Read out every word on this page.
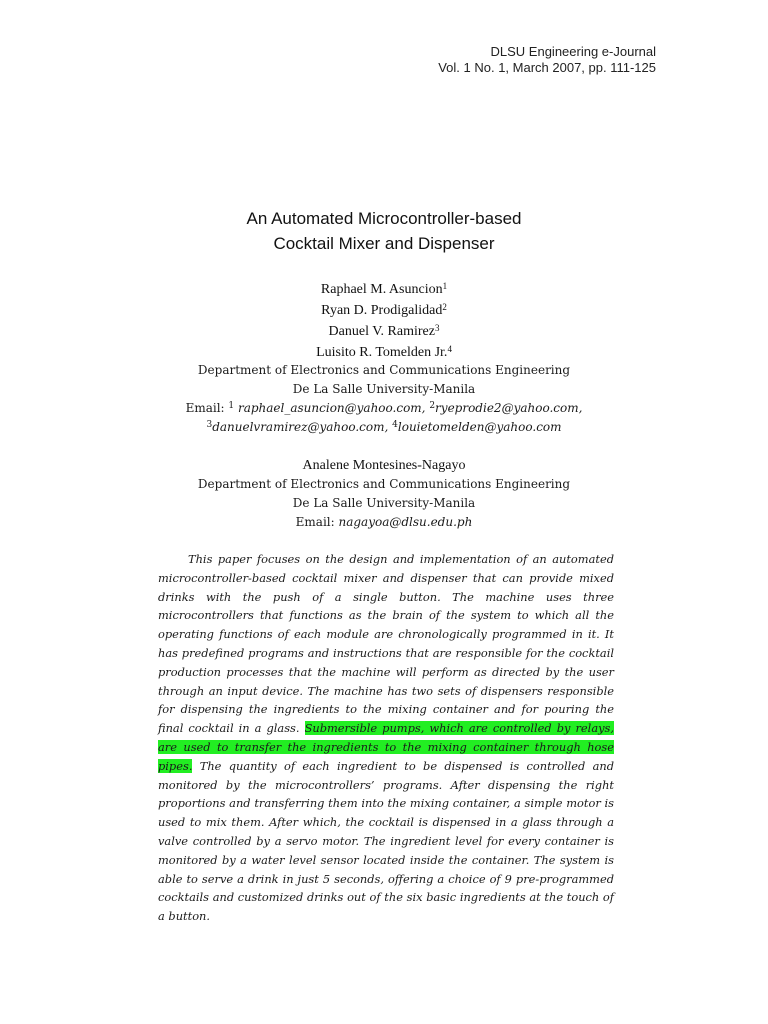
DLSU Engineering e-Journal
Vol. 1 No. 1, March 2007, pp. 111-125
An Automated Microcontroller-based
Cocktail Mixer and Dispenser
Raphael M. Asuncion$^1$
Ryan D. Prodigalidad$^2$
Danuel V. Ramirez$^3$
Luisito R. Tomelden Jr.$^4$
Department of Electronics and Communications Engineering
De La Salle University-Manila
Email: $^1$ raphael_asuncion@yahoo.com, $^2$ryeprodie2@yahoo.com,
$^3$danuelvramirez@yahoo.com, $^4$louietomelden@yahoo.com
Analene Montesines-Nagayo
Department of Electronics and Communications Engineering
De La Salle University-Manila
Email: nagayoa@dlsu.edu.ph

This paper focuses on the design and implementation of an automated microcontroller-based cocktail mixer and dispenser that can provide mixed drinks with the push of a single button. The machine uses three microcontrollers that functions as the brain of the system to which all the operating functions of each module are chronologically programmed in it. It has predefined programs and instructions that are responsible for the cocktail production processes that the machine will perform as directed by the user through an input device. The machine has two sets of dispensers responsible for dispensing the ingredients to the mixing container and for pouring the final cocktail in a glass. Submersible pumps, which are controlled by relays, are used to transfer the ingredients to the mixing container through hose pipes. The quantity of each ingredient to be dispensed is controlled and monitored by the microcontrollers’ programs. After dispensing the right proportions and transferring them into the mixing container, a simple motor is used to mix them. After which, the cocktail is dispensed in a glass through a valve controlled by a servo motor. The ingredient level for every container is monitored by a water level sensor located inside the container. The system is able to serve a drink in just 5 seconds, offering a choice of 9 pre-programmed cocktails and customized drinks out of the six basic ingredients at the touch of a button.
